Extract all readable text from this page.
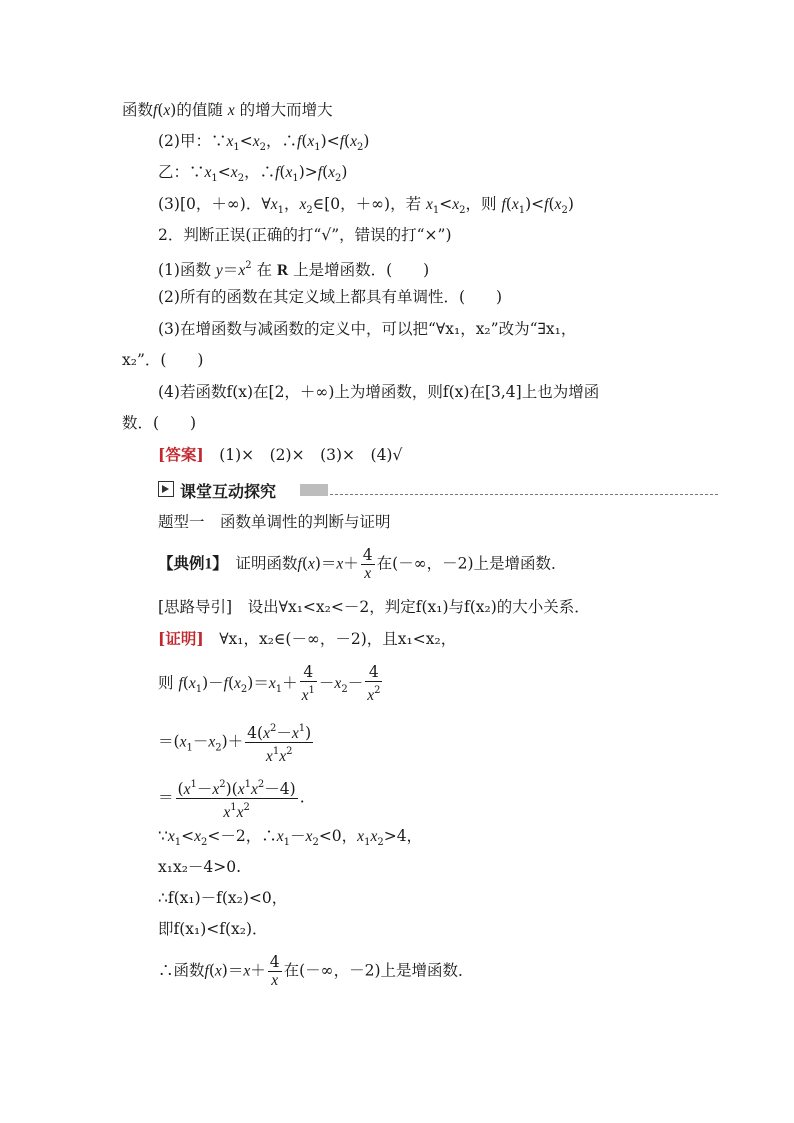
函数f(x)的值随 x 的增大而增大
(2)甲：$\because x_1<x_2$，$\therefore f(x_1)<f(x_2)$
乙：$\because x_1<x_2$，$\therefore f(x_1)>f(x_2)$
(3)[0，＋∞)．$\forall x_1$，$x_2\in[0$，＋∞)，若 $x_1<x_2$，则 $f(x_1)<f(x_2)$
2．判断正误(正确的打“√”，错误的打“×”)
(1)函数 $y=x^2$ 在 R 上是增函数．(　　)
(2)所有的函数在其定义域上都具有单调性．(　　)
(3)在增函数与减函数的定义中，可以把“∀x₁，x₂”改为“∃x₁，
x₂”．(　　)
(4)若函数f(x)在[2，＋∞)上为增函数，则f(x)在[3,4]上也为增函
数．(　　)
[答案]　 (1)×　(2)×　(3)×　(4)√
课堂互动探究
题型一　函数单调性的判断与证明
【典例1】　 证明函数$f(x)=x+ \frac{4}{x}$ 在(－∞，－2)上是增函数．
[思路导引]　 设出∀x₁<x₂<－2，判定f(x₁)与f(x₂)的大小关系．
[证明]　 ∀x₁，x₂∈(－∞，－2)，且x₁<x₂，
则 $f(x_1)-f(x_2)=x_1+ \frac{4}{x^1} -x_2- \frac{4}{x^2}$
$=(x_1-x_2)+ \frac{4(x^2-x^1)}{x^1x^2}$
＝ $\frac{(x^1-x^2)(x^1x^2-4)}{x^1x^2}$ .
$\because x_1<x_2<-2$，$\therefore x_1-x_2<0$，$x_1x_2>4$，
x₁x₂－4>0.
∴f(x₁)－f(x₂)<0，
即f(x₁)<f(x₂)．
∴函数$f(x)=x+ \frac{4}{x}$ 在(－∞，－2)上是增函数．
